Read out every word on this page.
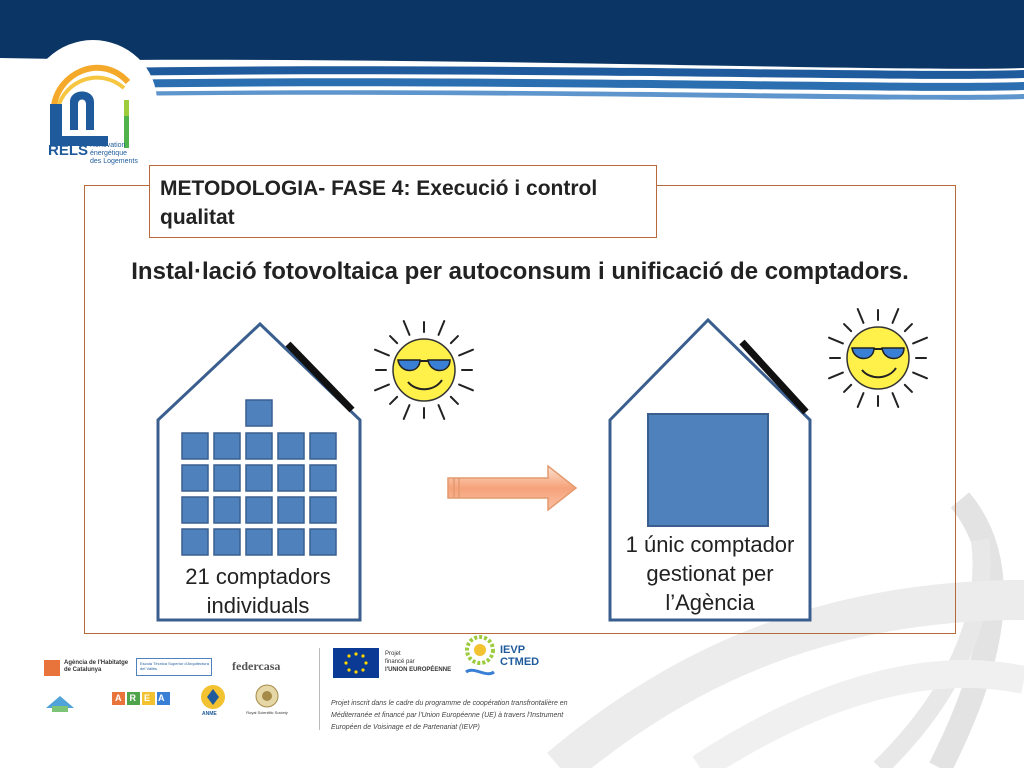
RELS Rénovation
énergétique
des Logements
METODOLOGIA- FASE 4: Execució i control qualitat
Instal·lació fotovoltaica per autoconsum i unificació de comptadors.
21 comptadors individuals
1 únic comptador gestionat per l’Agència
Agència de l'Habitatge de Catalunya
Escola Tècnica Superior d'Arquitectura del Vallès	federcasa
AREA
ANME	Royal Scientific Society
Projet
financé par
l'UNION EUROPÉENNE
IEVP
CTMED
Projet inscrit dans le cadre du programme de coopération transfrontalière en Méditerranée et financé par l'Union Européenne (UE) à travers l'Instrument Européen de Voisinage et de Partenariat (IEVP)
